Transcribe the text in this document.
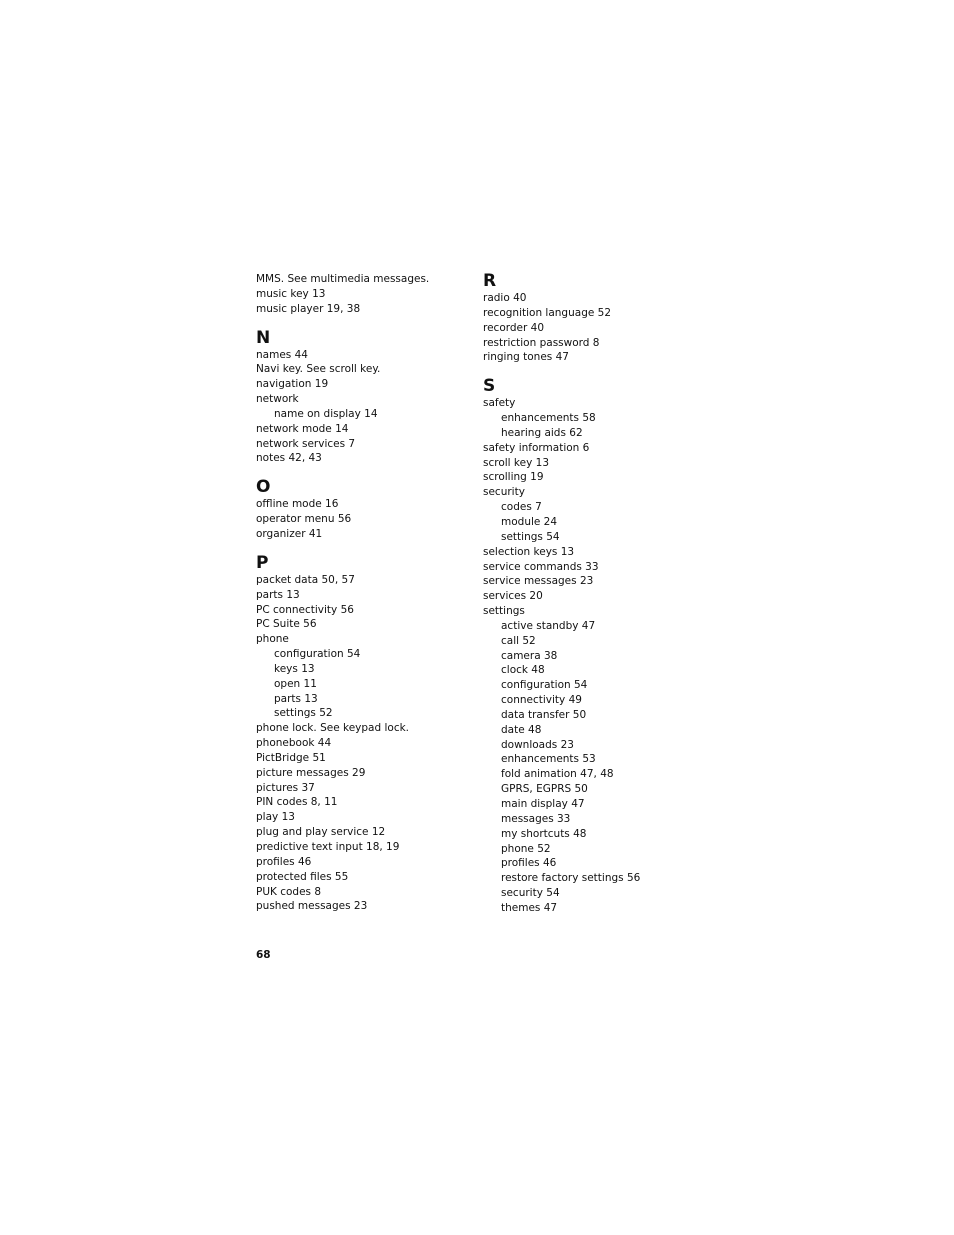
MMS. See multimedia messages.
music key 13
music player 19, 38
N
names 44
Navi key. See scroll key.
navigation 19
network
name on display 14
network mode 14
network services 7
notes 42, 43
O
offline mode 16
operator menu 56
organizer 41
P
packet data 50, 57
parts 13
PC connectivity 56
PC Suite 56
phone
configuration 54
keys 13
open 11
parts 13
settings 52
phone lock. See keypad lock.
phonebook 44
PictBridge 51
picture messages 29
pictures 37
PIN codes 8, 11
play 13
plug and play service 12
predictive text input 18, 19
profiles 46
protected files 55
PUK codes 8
pushed messages 23
R
radio 40
recognition language 52
recorder 40
restriction password 8
ringing tones 47
S
safety
enhancements 58
hearing aids 62
safety information 6
scroll key 13
scrolling 19
security
codes 7
module 24
settings 54
selection keys 13
service commands 33
service messages 23
services 20
settings
active standby 47
call 52
camera 38
clock 48
configuration 54
connectivity 49
data transfer 50
date 48
downloads 23
enhancements 53
fold animation 47, 48
GPRS, EGPRS 50
main display 47
messages 33
my shortcuts 48
phone 52
profiles 46
restore factory settings 56
security 54
themes 47
68
